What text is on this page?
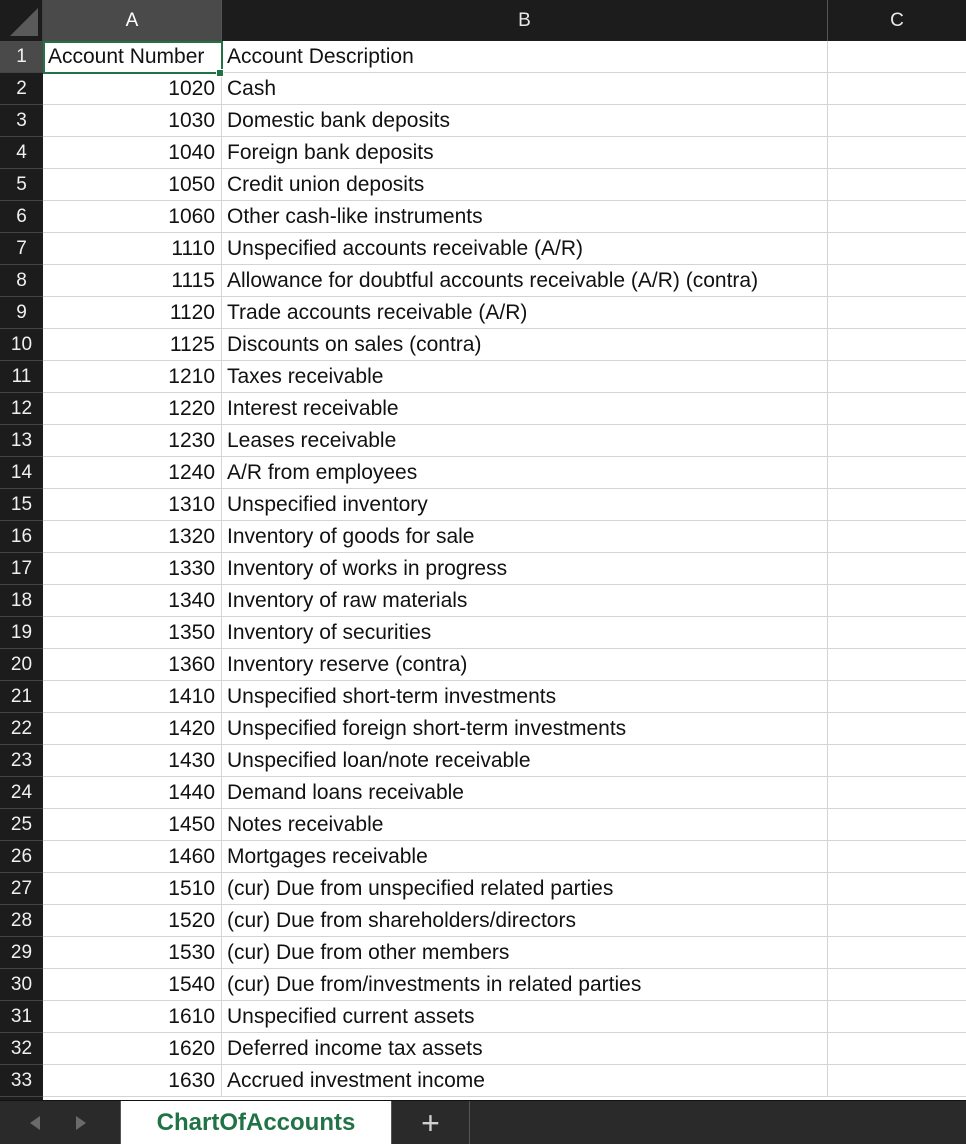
A	B	C
1
2
3
4
5
6
7
8
9
10
11
12
13
14
15
16
17
18
19
20
21
22
23
24
25
26
27
28
29
30
31
32
33
Account Number	Account Description
1020 Cash
1030 Domestic bank deposits
1040 Foreign bank deposits
1050 Credit union deposits
1060 Other cash-like instruments
1110 Unspecified accounts receivable (A/R)
1115 Allowance for doubtful accounts receivable (A/R) (contra)
1120 Trade accounts receivable (A/R)
1125 Discounts on sales (contra)
1210 Taxes receivable
1220 Interest receivable
1230 Leases receivable
1240 A/R from employees
1310 Unspecified inventory
1320 Inventory of goods for sale
1330 Inventory of works in progress
1340 Inventory of raw materials
1350 Inventory of securities
1360 Inventory reserve (contra)
1410 Unspecified short-term investments
1420 Unspecified foreign short-term investments
1430 Unspecified loan/note receivable
1440 Demand loans receivable
1450 Notes receivable
1460 Mortgages receivable
1510 (cur) Due from unspecified related parties
1520 (cur) Due from shareholders/directors
1530 (cur) Due from other members
1540 (cur) Due from/investments in related parties
1610 Unspecified current assets
1620 Deferred income tax assets
1630 Accrued investment income
ChartOfAccounts	+
